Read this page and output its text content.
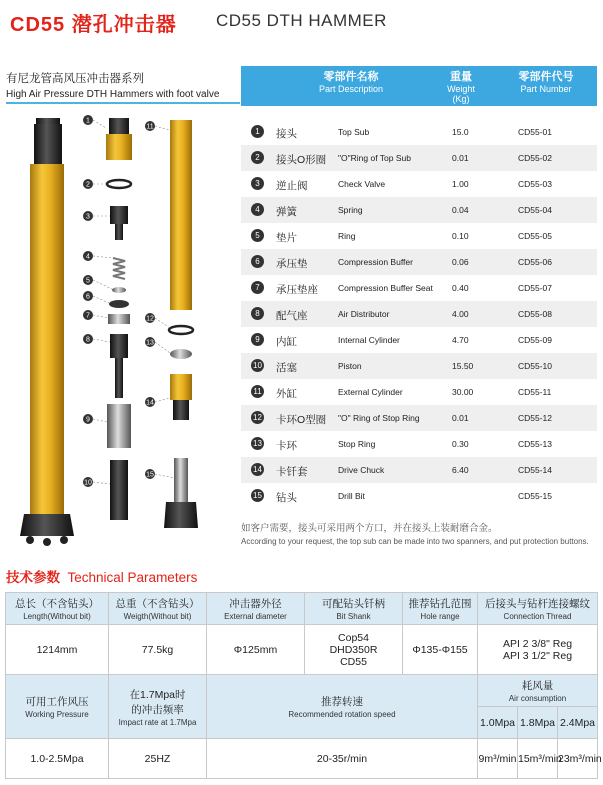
CD55 潜孔冲击器 CD55 DTH HAMMER
有尼龙管高风压冲击器系列
High Air Pressure DTH Hammers with foot valve
1
2
3
4
5
6
7
8
9
10
11
12
13
14
15
零部件名称
Part Description
重量
Weight
(Kg)
零部件代号
Part Number
1	接头	Top Sub	15.0	CD55-01
2	接头O形圈 "O"Ring of Top Sub	0.01	CD55-02
3	逆止阀	Check Valve	1.00	CD55-03
4	弹簧	Spring	0.04	CD55-04
5	垫片	Ring	0.10	CD55-05
6	承压垫	Compression Buffer	0.06	CD55-06
7	承压垫座 Compression Buffer Seat 0.40	CD55-07
8	配气座	Air Distributor	4.00	CD55-08
9	内缸	Internal Cylinder	4.70	CD55-09
10 活塞	Piston	15.50	CD55-10
11 外缸	External Cylinder	30.00	CD55-11
12 卡环O型圈 "O" Ring of Stop Ring	0.01	CD55-12
13 卡环	Stop Ring	0.30	CD55-13
14 卡钎套	Drive Chuck	6.40	CD55-14
15 钻头	Drill Bit	CD55-15
如客户需要，接头可采用两个方口，并在接头上装耐磨合金。
According to your request, the top sub can be made into two spanners, and put protection buttons.
技术参数 Technical Parameters
总长（不含钻头）
Length(Without bit)	总重（不含钻头）
Weigth(Without bit)	冲击器外径
External diameter	可配钻头钎柄
Bit Shank	推荐钻孔范围
Hole range	后接头与钻杆连接螺纹
Connection Thread		

1214mm	77.5kg	Φ125mm	Cop54
DHD350R
CD55	Φ135-Φ155	API 2 3/8" Reg
API 3 1/2" Reg		

可用工作风压
Working Pressure	在1.7Mpa时
的冲击频率
Impact rate at 1.7Mpa	推荐转速
Recommended rotation speed			耗风量
Air consumption		

					1.0Mpa	1.8Mpa	2.4Mpa
1.0-2.5Mpa	25HZ	20-35r/min			9m³/min	15m³/min	23m³/min
